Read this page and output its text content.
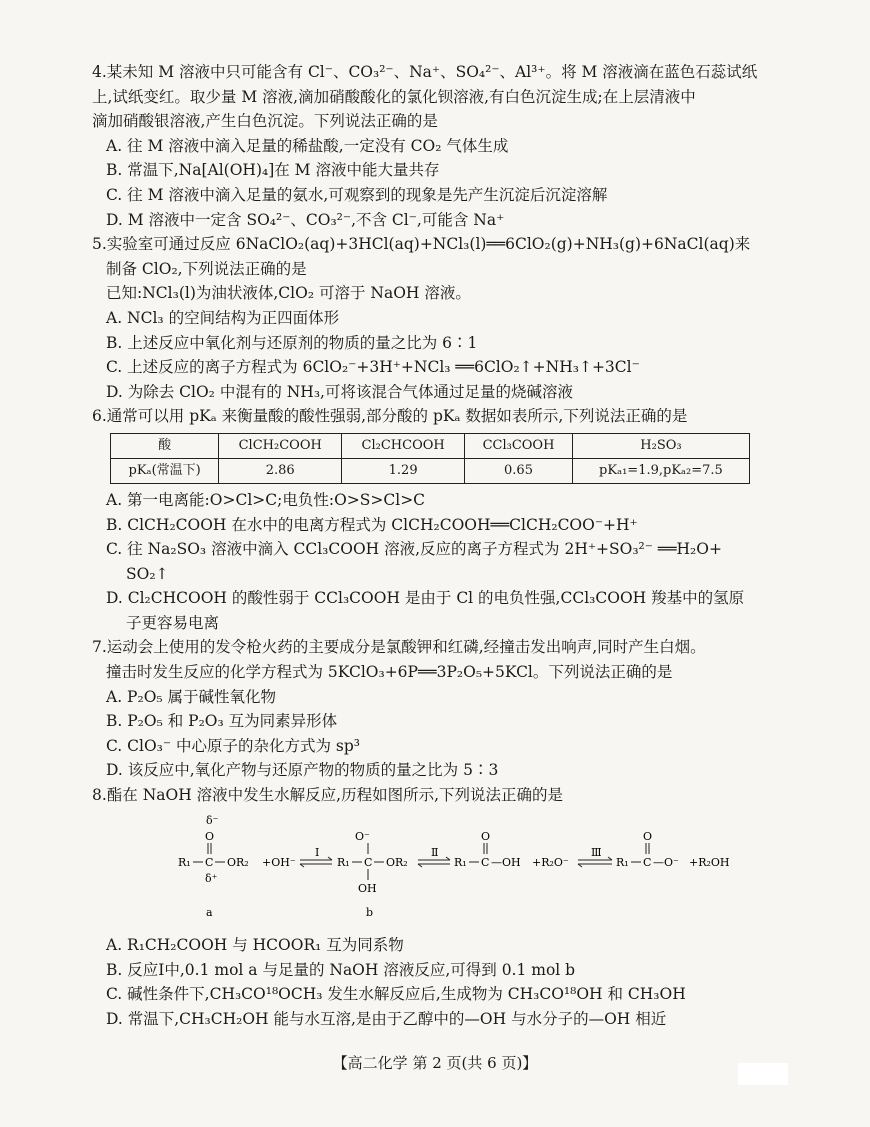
4.某未知 M 溶液中只可能含有 Cl⁻、CO₃²⁻、Na⁺、SO₄²⁻、Al³⁺。将 M 溶液滴在蓝色石蕊试纸
上,试纸变红。取少量 M 溶液,滴加硝酸酸化的氯化钡溶液,有白色沉淀生成;在上层清液中
滴加硝酸银溶液,产生白色沉淀。下列说法正确的是
A. 往 M 溶液中滴入足量的稀盐酸,一定没有 CO₂ 气体生成
B. 常温下,Na[Al(OH)₄]在 M 溶液中能大量共存
C. 往 M 溶液中滴入足量的氨水,可观察到的现象是先产生沉淀后沉淀溶解
D. M 溶液中一定含 SO₄²⁻、CO₃²⁻,不含 Cl⁻,可能含 Na⁺
5.实验室可通过反应 6NaClO₂(aq)+3HCl(aq)+NCl₃(l)══6ClO₂(g)+NH₃(g)+6NaCl(aq)来
制备 ClO₂,下列说法正确的是
已知:NCl₃(l)为油状液体,ClO₂ 可溶于 NaOH 溶液。
A. NCl₃ 的空间结构为正四面体形
B. 上述反应中氧化剂与还原剂的物质的量之比为 6∶1
C. 上述反应的离子方程式为 6ClO₂⁻+3H⁺+NCl₃ ══6ClO₂↑+NH₃↑+3Cl⁻
D. 为除去 ClO₂ 中混有的 NH₃,可将该混合气体通过足量的烧碱溶液
6.通常可以用 pKₐ 来衡量酸的酸性强弱,部分酸的 pKₐ 数据如表所示,下列说法正确的是
酸	ClCH₂COOH	Cl₂CHCOOH	CCl₃COOH	H₂SO₃
pKₐ(常温下)	2.86	1.29	0.65	pKₐ₁=1.9,pKₐ₂=7.5
A. 第一电离能:O>Cl>C;电负性:O>S>Cl>C
B. ClCH₂COOH 在水中的电离方程式为 ClCH₂COOH══ClCH₂COO⁻+H⁺
C. 往 Na₂SO₃ 溶液中滴入 CCl₃COOH 溶液,反应的离子方程式为 2H⁺+SO₃²⁻ ══H₂O+
SO₂↑
D. Cl₂CHCOOH 的酸性弱于 CCl₃COOH 是由于 Cl 的电负性强,CCl₃COOH 羧基中的氢原
子更容易电离
7.运动会上使用的发令枪火药的主要成分是氯酸钾和红磷,经撞击发出响声,同时产生白烟。
撞击时发生反应的化学方程式为 5KClO₃+6P══3P₂O₅+5KCl。下列说法正确的是
A. P₂O₅ 属于碱性氧化物
B. P₂O₅ 和 P₂O₃ 互为同素异形体
C. ClO₃⁻ 中心原子的杂化方式为 sp³
D. 该反应中,氧化产物与还原产物的物质的量之比为 5∶3
8.酯在 NaOH 溶液中发生水解反应,历程如图所示,下列说法正确的是
δ⁻
O
R₁ C OR₂
δ⁺
a
+OH⁻
Ⅰ
R₁
O⁻
C OR₂
OH
b
Ⅱ
R₁
O
C —OH +R₂O⁻
Ⅲ
R₁
O
C —O⁻ +R₂OH
A. R₁CH₂COOH 与 HCOOR₁ 互为同系物
B. 反应Ⅰ中,0.1 mol a 与足量的 NaOH 溶液反应,可得到 0.1 mol b
C. 碱性条件下,CH₃CO¹⁸OCH₃ 发生水解反应后,生成物为 CH₃CO¹⁸OH 和 CH₃OH
D. 常温下,CH₃CH₂OH 能与水互溶,是由于乙醇中的—OH 与水分子的—OH 相近
【高二化学 第 2 页(共 6 页)】
